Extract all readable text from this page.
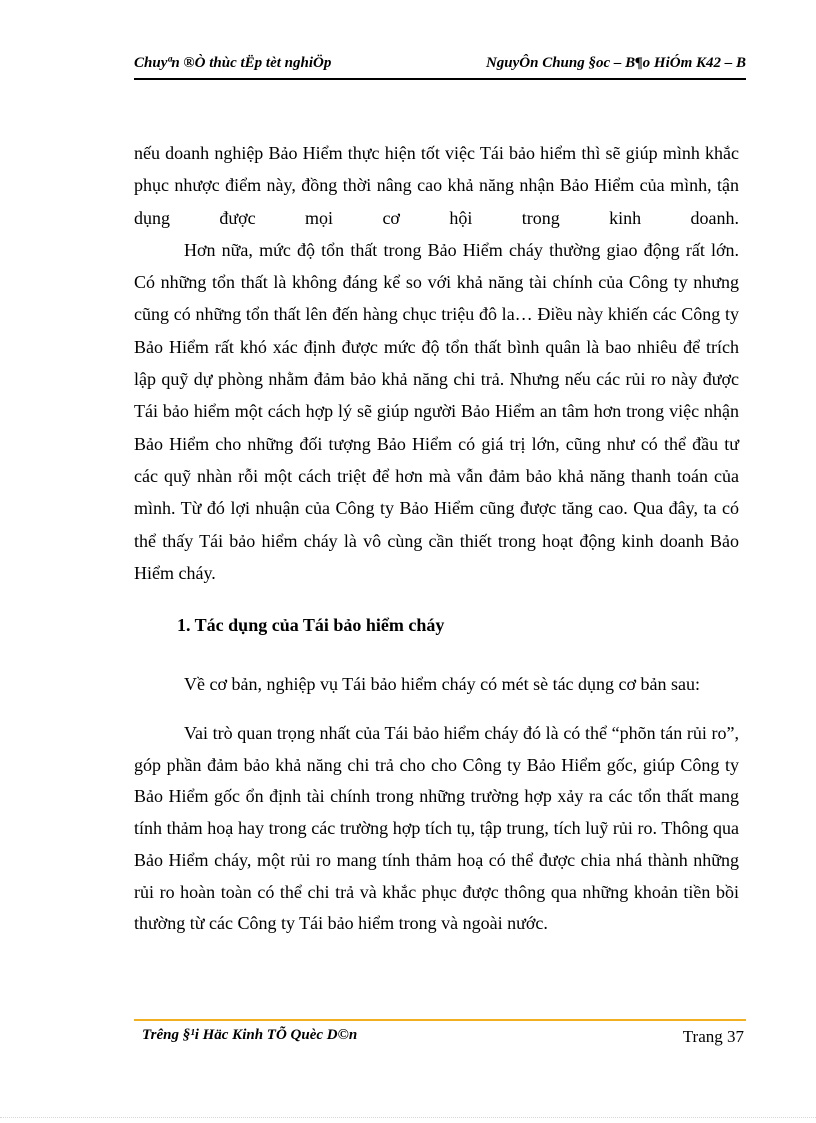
Chuyªn ®Ò thùc tËp tèt nghiÖp	NguyÔn Chung §oc – B¶o HiÓm K42 – B

nếu doanh nghiệp Bảo Hiểm thực hiện tốt việc Tái bảo hiểm thì sẽ giúp mình khắc phục nhược điểm này, đồng thời nâng cao khả năng nhận Bảo Hiểm của mình, tận dụng được mọi cơ hội trong kinh doanh.

Hơn nữa, mức độ tổn thất trong Bảo Hiểm cháy thường giao động rất lớn. Có những tổn thất là không đáng kể so với khả năng tài chính của Công ty nhưng cũng có những tổn thất lên đến hàng chục triệu đô la… Điều này khiến các Công ty Bảo Hiểm rất khó xác định được mức độ tổn thất bình quân là bao nhiêu để trích lập quỹ dự phòng nhằm đảm bảo khả năng chi trả. Nhưng nếu các rủi ro này được Tái bảo hiểm một cách hợp lý sẽ giúp người Bảo Hiểm an tâm hơn trong việc nhận Bảo Hiểm cho những đối tượng Bảo Hiểm có giá trị lớn, cũng như có thể đầu tư các quỹ nhàn rỗi một cách triệt để hơn mà vẫn đảm bảo khả năng thanh toán của mình. Từ đó lợi nhuận của Công ty Bảo Hiểm cũng được tăng cao. Qua đây, ta có thể thấy Tái bảo hiểm cháy là vô cùng cần thiết trong hoạt động kinh doanh Bảo Hiểm cháy.

1. Tác dụng của Tái bảo hiểm cháy

Về cơ bản, nghiệp vụ Tái bảo hiểm cháy có mét sè tác dụng cơ bản sau:

Vai trò quan trọng nhất của Tái bảo hiểm cháy đó là có thể “phõn tán rủi ro”, góp phần đảm bảo khả năng chi trả cho cho Công ty Bảo Hiểm gốc, giúp Công ty Bảo Hiểm gốc ổn định tài chính trong những trường hợp xảy ra các tổn thất mang tính thảm hoạ hay trong các trường hợp tích tụ, tập trung, tích luỹ rủi ro. Thông qua Bảo Hiểm cháy, một rủi ro mang tính thảm hoạ có thể được chia nhá thành những rủi ro hoàn toàn có thể chi trả và khắc phục được thông qua những khoản tiền bồi thường từ các Công ty Tái bảo hiểm trong và ngoài nước.

Trêng §¹i Häc Kinh TÕ Quèc D©n	Trang 37
